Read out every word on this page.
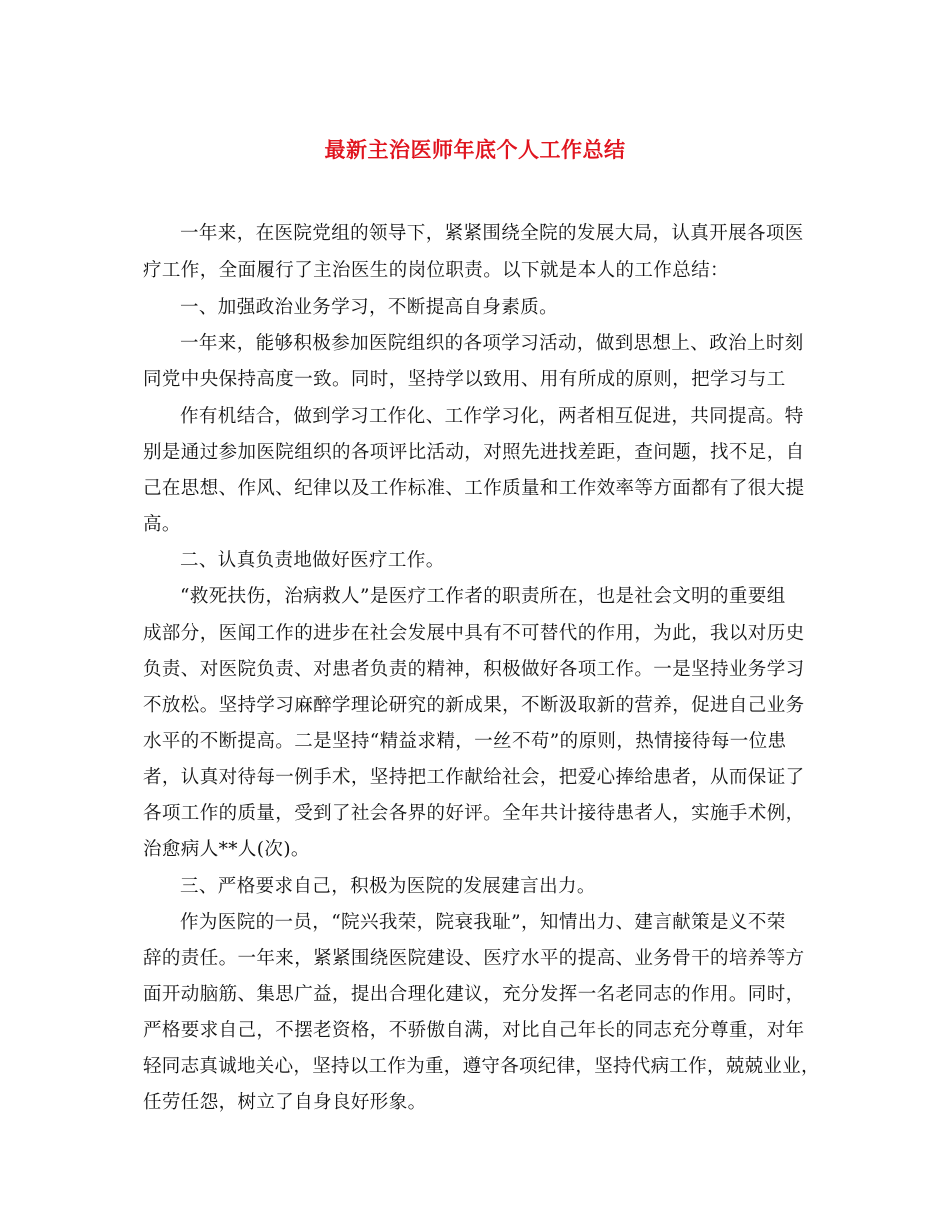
最新主治医师年底个人工作总结
一年来，在医院党组的领导下，紧紧围绕全院的发展大局，认真开展各项医
疗工作，全面履行了主治医生的岗位职责。以下就是本人的工作总结：
一、加强政治业务学习，不断提高自身素质。
一年来，能够积极参加医院组织的各项学习活动，做到思想上、政治上时刻
同党中央保持高度一致。同时，坚持学以致用、用有所成的原则，把学习与工
作有机结合，做到学习工作化、工作学习化，两者相互促进，共同提高。特
别是通过参加医院组织的各项评比活动，对照先进找差距，查问题，找不足，自
己在思想、作风、纪律以及工作标准、工作质量和工作效率等方面都有了很大提
高。
二、认真负责地做好医疗工作。
“救死扶伤，治病救人”是医疗工作者的职责所在，也是社会文明的重要组
成部分，医闻工作的进步在社会发展中具有不可替代的作用，为此，我以对历史
负责、对医院负责、对患者负责的精神，积极做好各项工作。一是坚持业务学习
不放松。坚持学习麻醉学理论研究的新成果，不断汲取新的营养，促进自己业务
水平的不断提高。二是坚持“精益求精，一丝不苟”的原则，热情接待每一位患
者，认真对待每一例手术，坚持把工作献给社会，把爱心捧给患者，从而保证了
各项工作的质量，受到了社会各界的好评。全年共计接待患者人，实施手术例，
治愈病人**人(次)。
三、严格要求自己，积极为医院的发展建言出力。
作为医院的一员，“院兴我荣，院衰我耻”，知情出力、建言献策是义不荣
辞的责任。一年来，紧紧围绕医院建设、医疗水平的提高、业务骨干的培养等方
面开动脑筋、集思广益，提出合理化建议，充分发挥一名老同志的作用。同时，
严格要求自己，不摆老资格，不骄傲自满，对比自己年长的同志充分尊重，对年
轻同志真诚地关心，坚持以工作为重，遵守各项纪律，坚持代病工作，兢兢业业，
任劳任怨，树立了自身良好形象。
